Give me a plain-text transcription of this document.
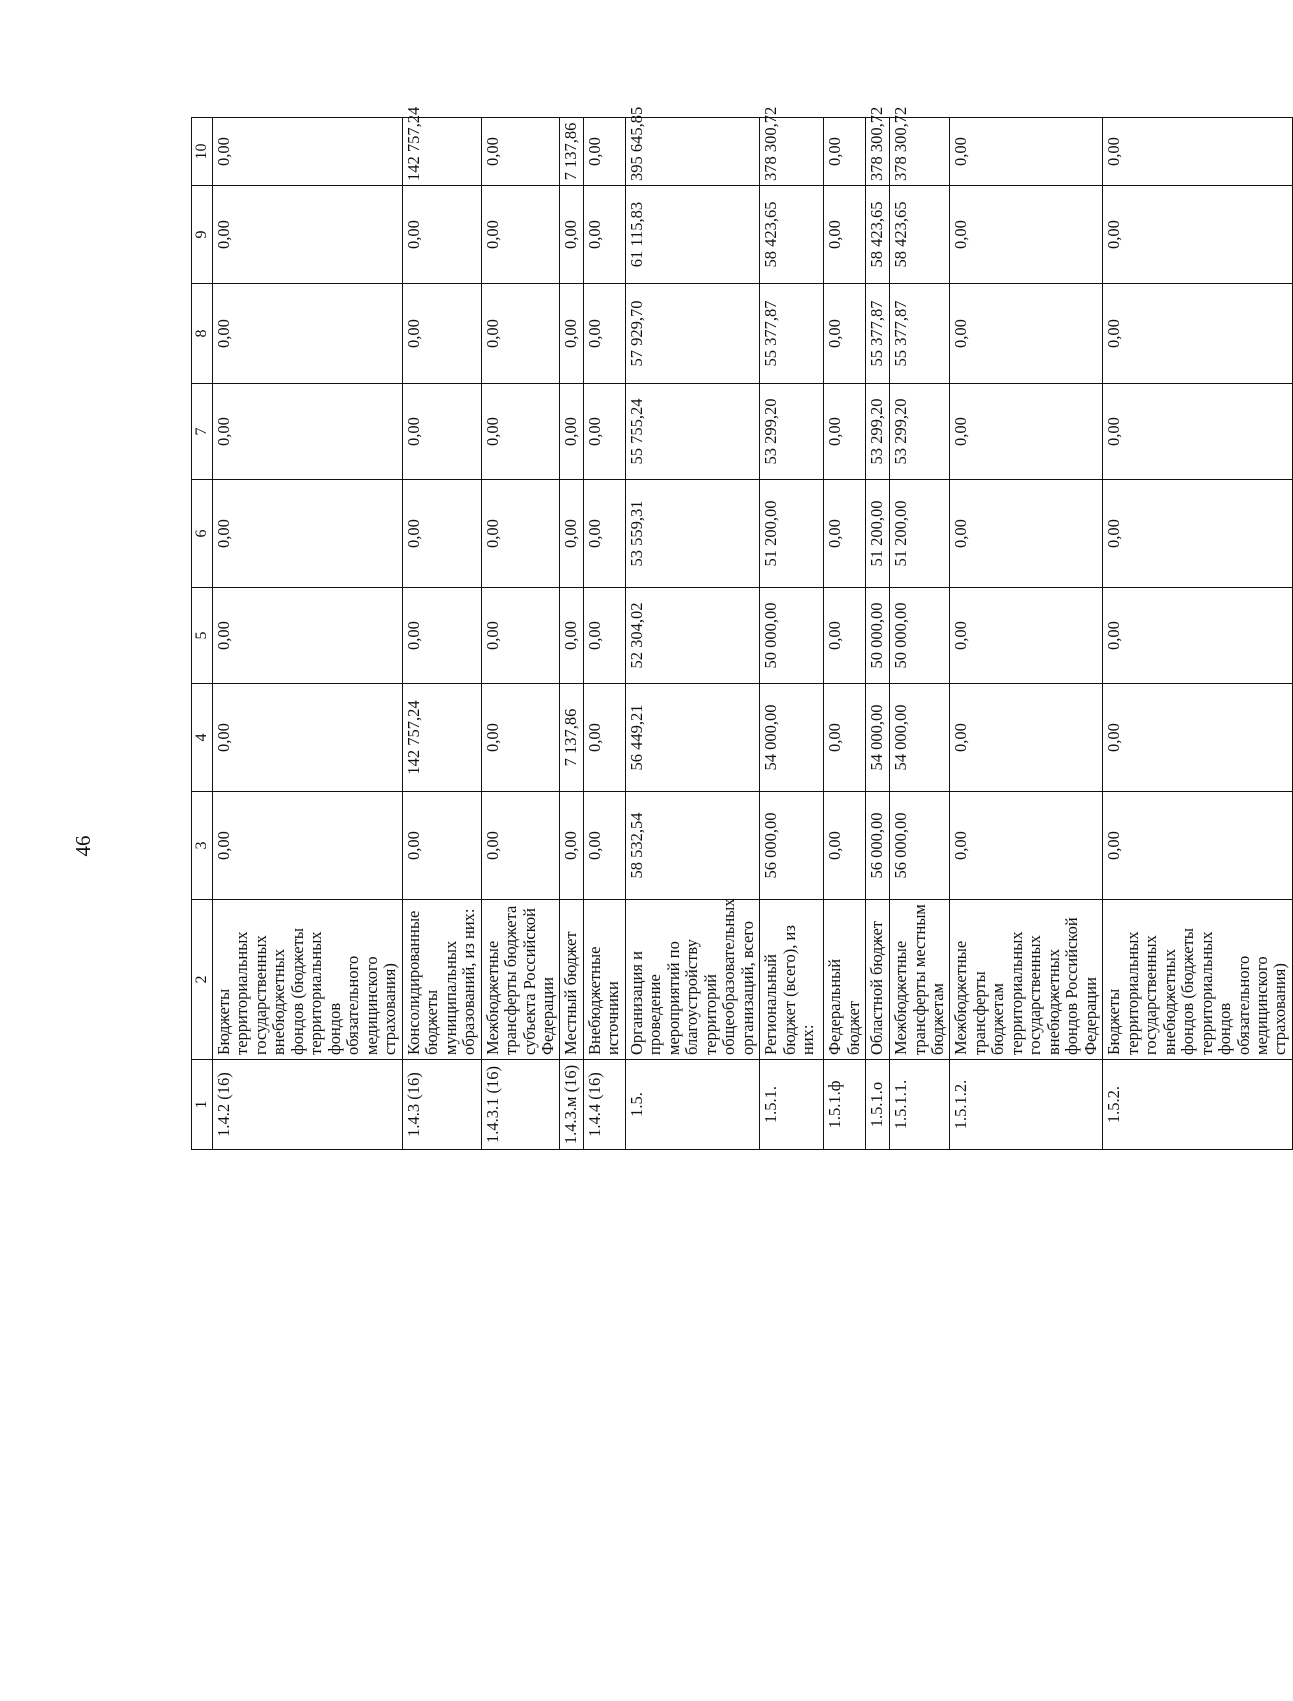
46
1	2	3	4	5	6	7	8	9	10
1.4.2 (16)	Бюджеты территориальных государственных внебюджетных фондов (бюджеты территориальных фондов обязательного медицинского страхования)	0,00	0,00	0,00	0,00	0,00	0,00	0,00	0,00
1.4.3 (16)	Консолидированные бюджеты муниципальных образований, из них:	0,00	142 757,24	0,00	0,00	0,00	0,00	0,00	142 757,24
1.4.3.1 (16)	Межбюджетные трансферты бюджета субъекта Российской Федерации	0,00	0,00	0,00	0,00	0,00	0,00	0,00	0,00
1.4.3.м (16)	Местный бюджет	0,00	7 137,86	0,00	0,00	0,00	0,00	0,00	7 137,86
1.4.4 (16)	Внебюджетные источники	0,00	0,00	0,00	0,00	0,00	0,00	0,00	0,00
1.5.	Организация и проведение мероприятий по благоустройству территорий общеобразовательных организаций, всего	58 532,54	56 449,21	52 304,02	53 559,31	55 755,24	57 929,70	61 115,83	395 645,85
1.5.1.	Региональный бюджет (всего), из них:	56 000,00	54 000,00	50 000,00	51 200,00	53 299,20	55 377,87	58 423,65	378 300,72
1.5.1.ф	Федеральный бюджет	0,00	0,00	0,00	0,00	0,00	0,00	0,00	0,00
1.5.1.о	Областной бюджет	56 000,00	54 000,00	50 000,00	51 200,00	53 299,20	55 377,87	58 423,65	378 300,72
1.5.1.1.	Межбюджетные трансферты местным бюджетам	56 000,00	54 000,00	50 000,00	51 200,00	53 299,20	55 377,87	58 423,65	378 300,72
1.5.1.2.	Межбюджетные трансферты бюджетам территориальных государственных внебюджетных фондов Российской Федерации	0,00	0,00	0,00	0,00	0,00	0,00	0,00	0,00
1.5.2.	Бюджеты территориальных государственных внебюджетных фондов (бюджеты территориальных фондов обязательного медицинского страхования)	0,00	0,00	0,00	0,00	0,00	0,00	0,00	0,00
